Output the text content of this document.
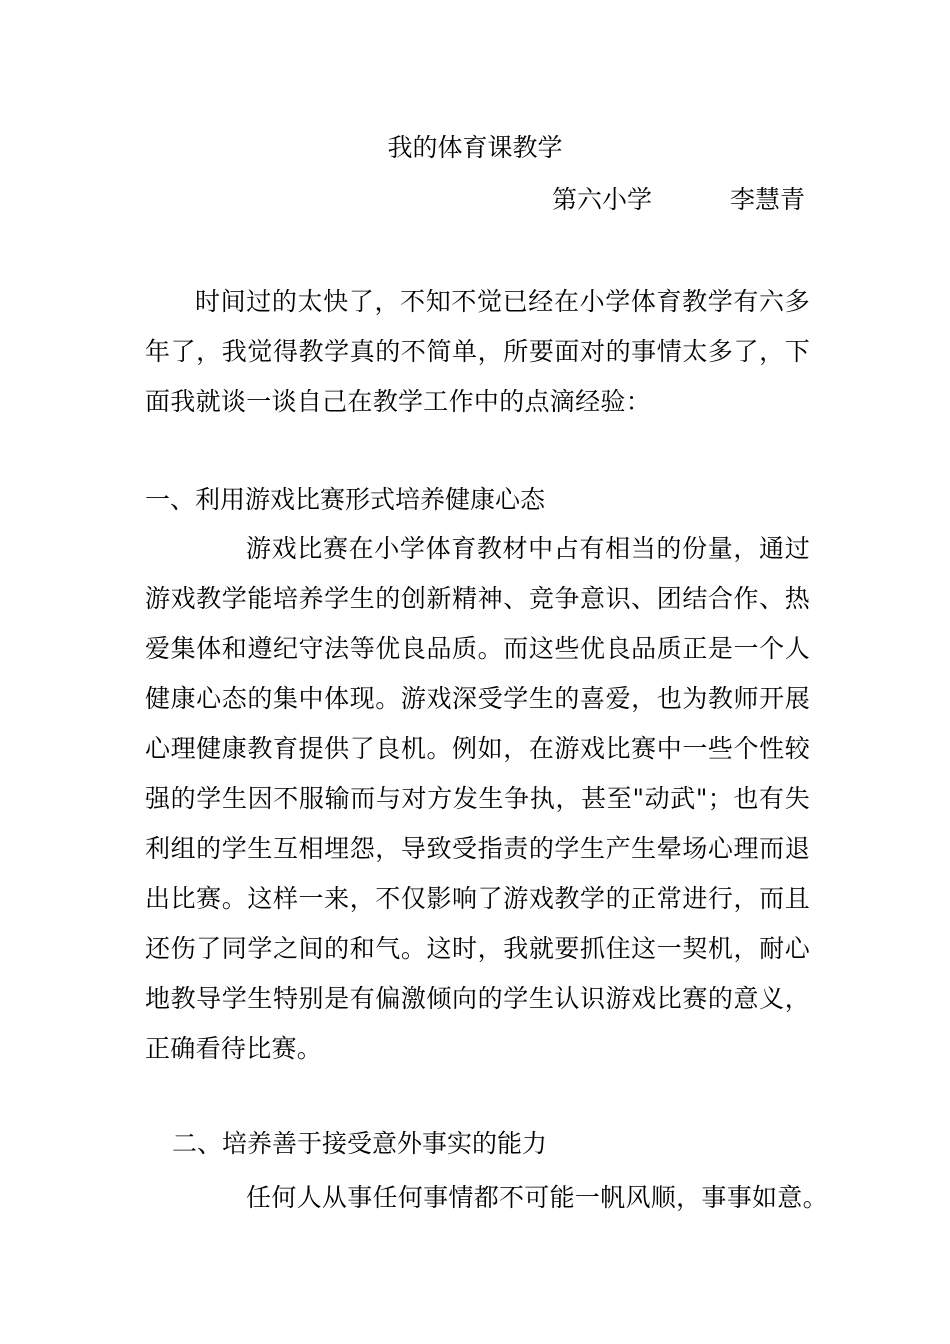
我的体育课教学
第六小学	李慧青
时间过的太快了，不知不觉已经在小学体育教学有六多年了，我觉得教学真的不简单，所要面对的事情太多了，下面我就谈一谈自己在教学工作中的点滴经验：
一、利用游戏比赛形式培养健康心态
游戏比赛在小学体育教材中占有相当的份量，通过游戏教学能培养学生的创新精神、竞争意识、团结合作、热爱集体和遵纪守法等优良品质。而这些优良品质正是一个人健康心态的集中体现。游戏深受学生的喜爱，也为教师开展心理健康教育提供了良机。例如，在游戏比赛中一些个性较强的学生因不服输而与对方发生争执，甚至"动武"；也有失利组的学生互相埋怨，导致受指责的学生产生晕场心理而退出比赛。这样一来，不仅影响了游戏教学的正常进行，而且还伤了同学之间的和气。这时，我就要抓住这一契机，耐心地教导学生特别是有偏激倾向的学生认识游戏比赛的意义，正确看待比赛。
二、培养善于接受意外事实的能力
任何人从事任何事情都不可能一帆风顺，事事如意。
